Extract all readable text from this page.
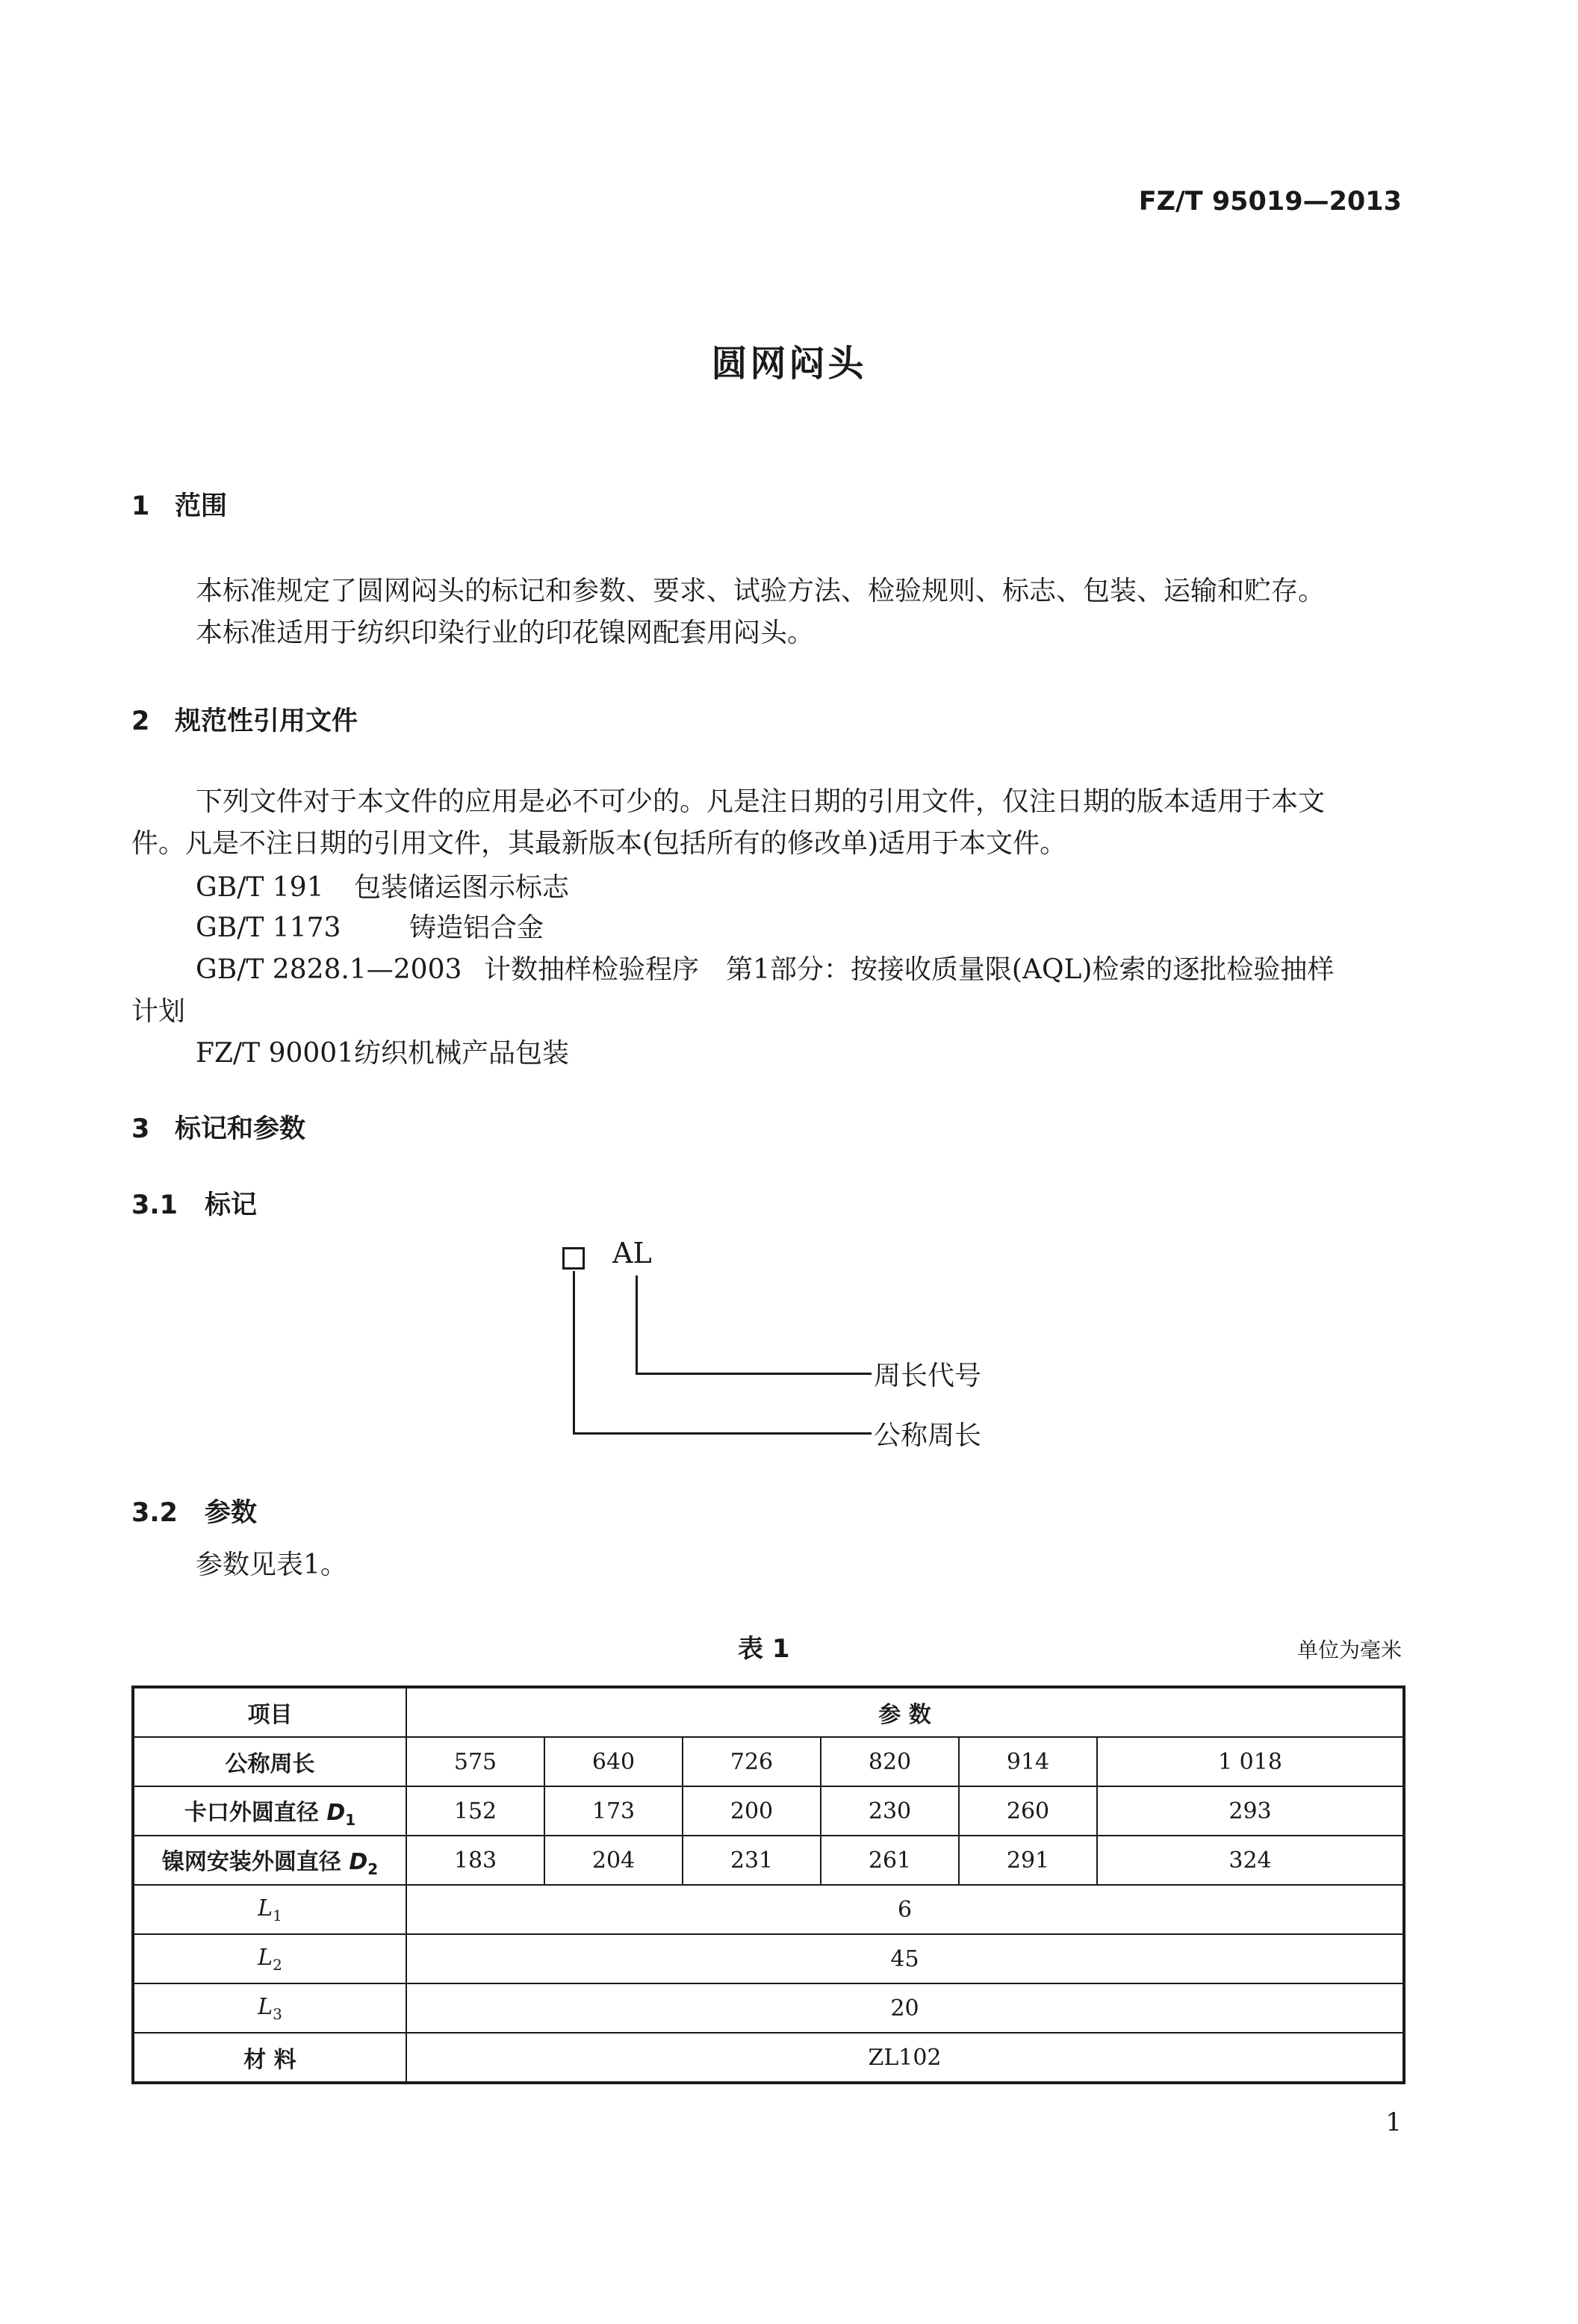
FZ/T 95019—2013
圆网闷头
1 范围
本标准规定了圆网闷头的标记和参数、要求、试验方法、检验规则、标志、包装、运输和贮存。
本标准适用于纺织印染行业的印花镍网配套用闷头。
2 规范性引用文件
下列文件对于本文件的应用是必不可少的。凡是注日期的引用文件，仅注日期的版本适用于本文
件。凡是不注日期的引用文件，其最新版本(包括所有的修改单)适用于本文件。
GB/T 191 包装储运图示标志
GB/T 1173	铸造铝合金
GB/T 2828.1—2003 计数抽样检验程序　第1部分：按接收质量限(AQL)检索的逐批检验抽样
计划
FZ/T 90001纺织机械产品包装
3 标记和参数
3.1 标记
AL
周长代号
公称周长
3.2 参数
参数见表1。
表 1	单位为毫米
项目	参 数					
公称周长	575	640	726	820	914	1 018
卡口外圆直径 $D_1$	152	173	200	230	260	293
镍网安装外圆直径 $D_2$	183	204	231	261	291	324
$L_1$	6					
$L_2$	45					
$L_3$	20					
材 料	ZL102					
1
